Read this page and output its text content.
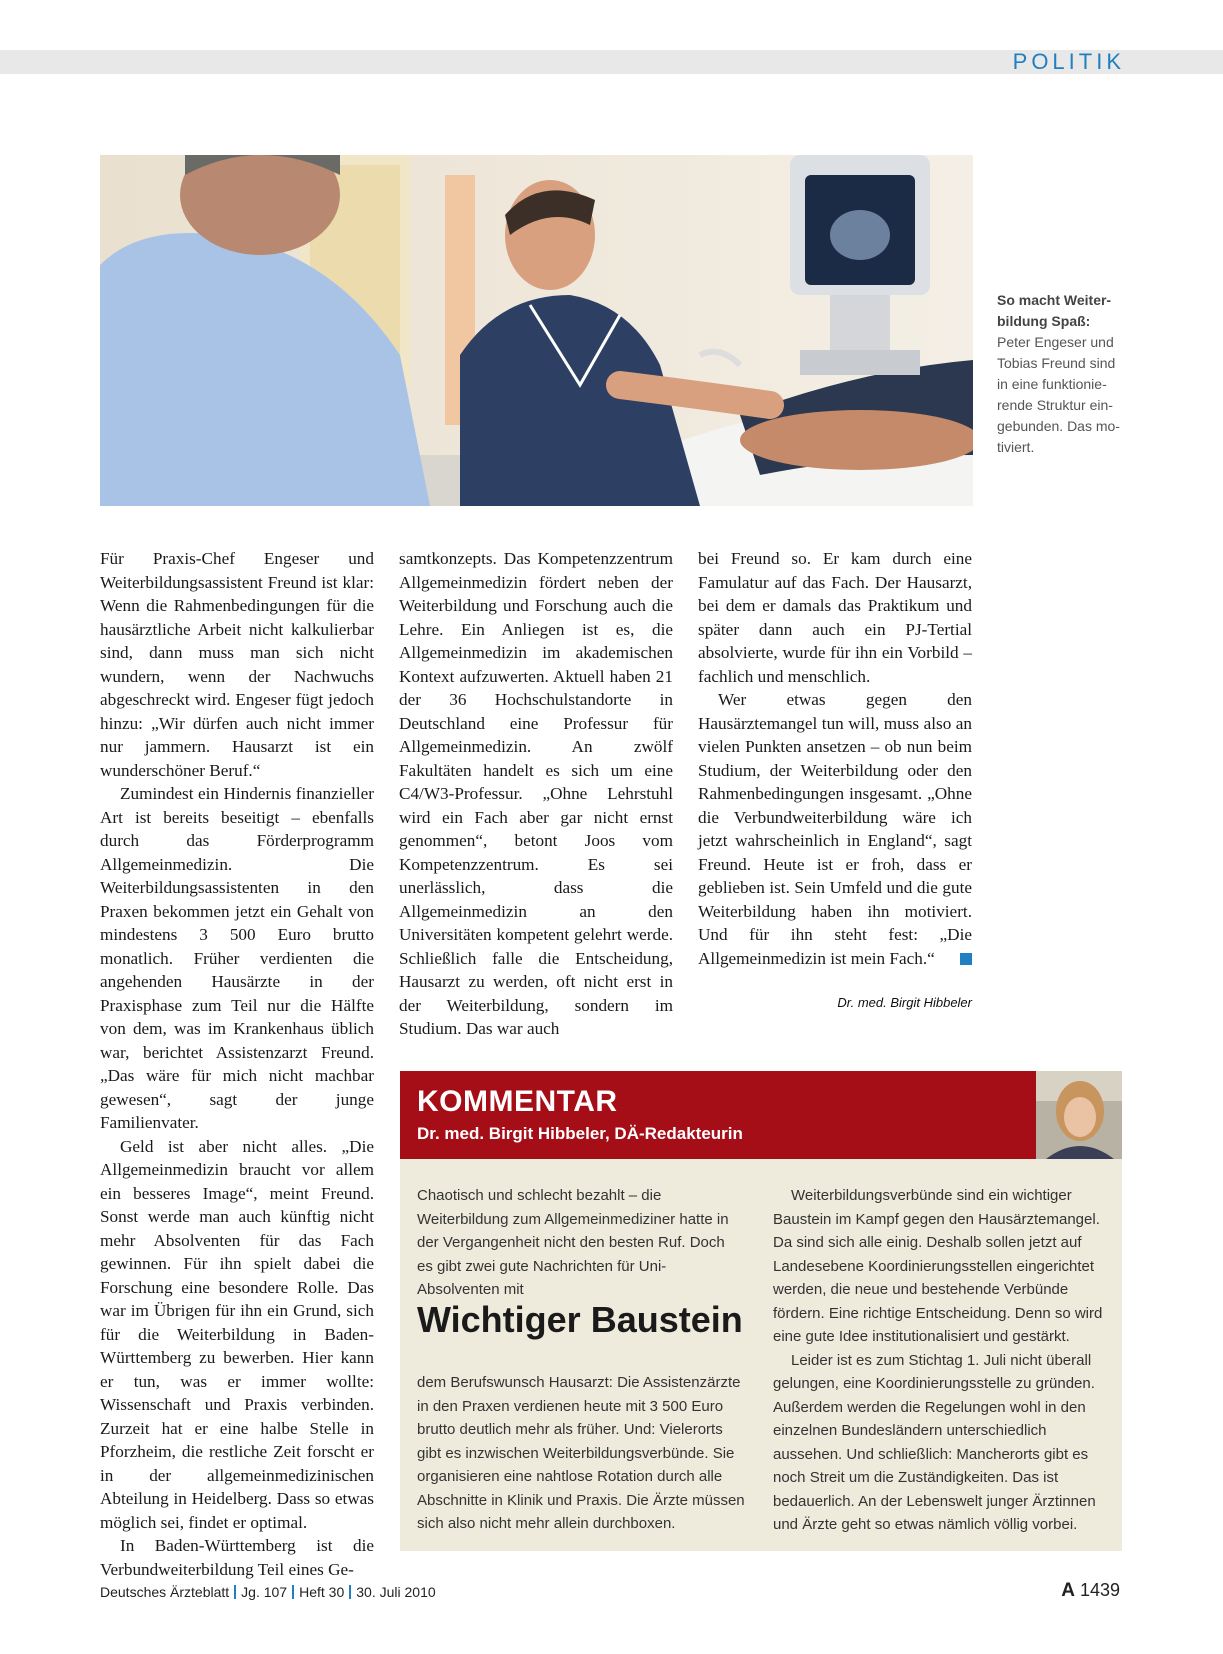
POLITIK
So macht Weiter-bildung Spaß: Peter Engeser und Tobias Freund sind in eine funktionie-rende Struktur ein-gebunden. Das mo-tiviert.

Für Praxis-Chef Engeser und Weiterbildungsassistent Freund ist klar: Wenn die Rahmenbedingungen für die hausärztliche Arbeit nicht kalkulierbar sind, dann muss man sich nicht wundern, wenn der Nachwuchs abgeschreckt wird. Engeser fügt jedoch hinzu: „Wir dürfen auch nicht immer nur jammern. Hausarzt ist ein wunderschöner Beruf.“

Zumindest ein Hindernis finanzieller Art ist bereits beseitigt – ebenfalls durch das Förderprogramm Allgemeinmedizin. Die Weiterbildungsassistenten in den Praxen bekommen jetzt ein Gehalt von mindestens 3 500 Euro brutto monatlich. Früher verdienten die angehenden Hausärzte in der Praxisphase zum Teil nur die Hälfte von dem, was im Krankenhaus üblich war, berichtet Assistenzarzt Freund. „Das wäre für mich nicht machbar gewesen“, sagt der junge Familienvater.

Geld ist aber nicht alles. „Die Allgemeinmedizin braucht vor allem ein besseres Image“, meint Freund. Sonst werde man auch künftig nicht mehr Absolventen für das Fach gewinnen. Für ihn spielt dabei die Forschung eine besondere Rolle. Das war im Übrigen für ihn ein Grund, sich für die Weiterbildung in Baden-Württemberg zu bewerben. Hier kann er tun, was er immer wollte: Wissenschaft und Praxis verbinden. Zurzeit hat er eine halbe Stelle in Pforzheim, die restliche Zeit forscht er in der allgemeinmedizinischen Abteilung in Heidelberg. Dass so etwas möglich sei, findet er optimal.

In Baden-Württemberg ist die Verbundweiterbildung Teil eines Ge-

samtkonzepts. Das Kompetenzzentrum Allgemeinmedizin fördert neben der Weiterbildung und Forschung auch die Lehre. Ein Anliegen ist es, die Allgemeinmedizin im akademischen Kontext aufzuwerten. Aktuell haben 21 der 36 Hochschulstandorte in Deutschland eine Professur für Allgemeinmedizin. An zwölf Fakultäten handelt es sich um eine C4/W3-Professur. „Ohne Lehrstuhl wird ein Fach aber gar nicht ernst genommen“, betont Joos vom Kompetenzzentrum. Es sei unerlässlich, dass die Allgemeinmedizin an den Universitäten kompetent gelehrt werde. Schließlich falle die Entscheidung, Hausarzt zu werden, oft nicht erst in der Weiterbildung, sondern im Studium. Das war auch

bei Freund so. Er kam durch eine Famulatur auf das Fach. Der Hausarzt, bei dem er damals das Praktikum und später dann auch ein PJ-Tertial absolvierte, wurde für ihn ein Vorbild – fachlich und menschlich.

Wer etwas gegen den Hausärztemangel tun will, muss also an vielen Punkten ansetzen – ob nun beim Studium, der Weiterbildung oder den Rahmenbedingungen insgesamt. „Ohne die Verbundweiterbildung wäre ich jetzt wahrscheinlich in England“, sagt Freund. Heute ist er froh, dass er geblieben ist. Sein Umfeld und die gute Weiterbildung haben ihn motiviert. Und für ihn steht fest: „Die Allgemeinmedizin ist mein Fach.“

Dr. med. Birgit Hibbeler
KOMMENTAR
Dr. med. Birgit Hibbeler, DÄ-Redakteurin

Chaotisch und schlecht bezahlt – die Weiterbildung zum Allgemeinmediziner hatte in der Vergangenheit nicht den besten Ruf. Doch es gibt zwei gute Nachrichten für Uni-Absolventen mit

Wichtiger Baustein

dem Berufswunsch Hausarzt: Die Assistenzärzte in den Praxen verdienen heute mit 3 500 Euro brutto deutlich mehr als früher. Und: Vielerorts gibt es inzwischen Weiterbildungsverbünde. Sie organisieren eine nahtlose Rotation durch alle Abschnitte in Klinik und Praxis. Die Ärzte müssen sich also nicht mehr allein durchboxen.

Weiterbildungsverbünde sind ein wichtiger Baustein im Kampf gegen den Hausärztemangel. Da sind sich alle einig. Deshalb sollen jetzt auf Landesebene Koordinierungsstellen eingerichtet werden, die neue und bestehende Verbünde fördern. Eine richtige Entscheidung. Denn so wird eine gute Idee institutionalisiert und gestärkt.

Leider ist es zum Stichtag 1. Juli nicht überall gelungen, eine Koordinierungsstelle zu gründen. Außerdem werden die Regelungen wohl in den einzelnen Bundesländern unterschiedlich aussehen. Und schließlich: Mancherorts gibt es noch Streit um die Zuständigkeiten. Das ist bedauerlich. An der Lebenswelt junger Ärztinnen und Ärzte geht so etwas nämlich völlig vorbei.

Deutsches Ärzteblatt Jg. 107 Heft 30 30. Juli 2010	A 1439
